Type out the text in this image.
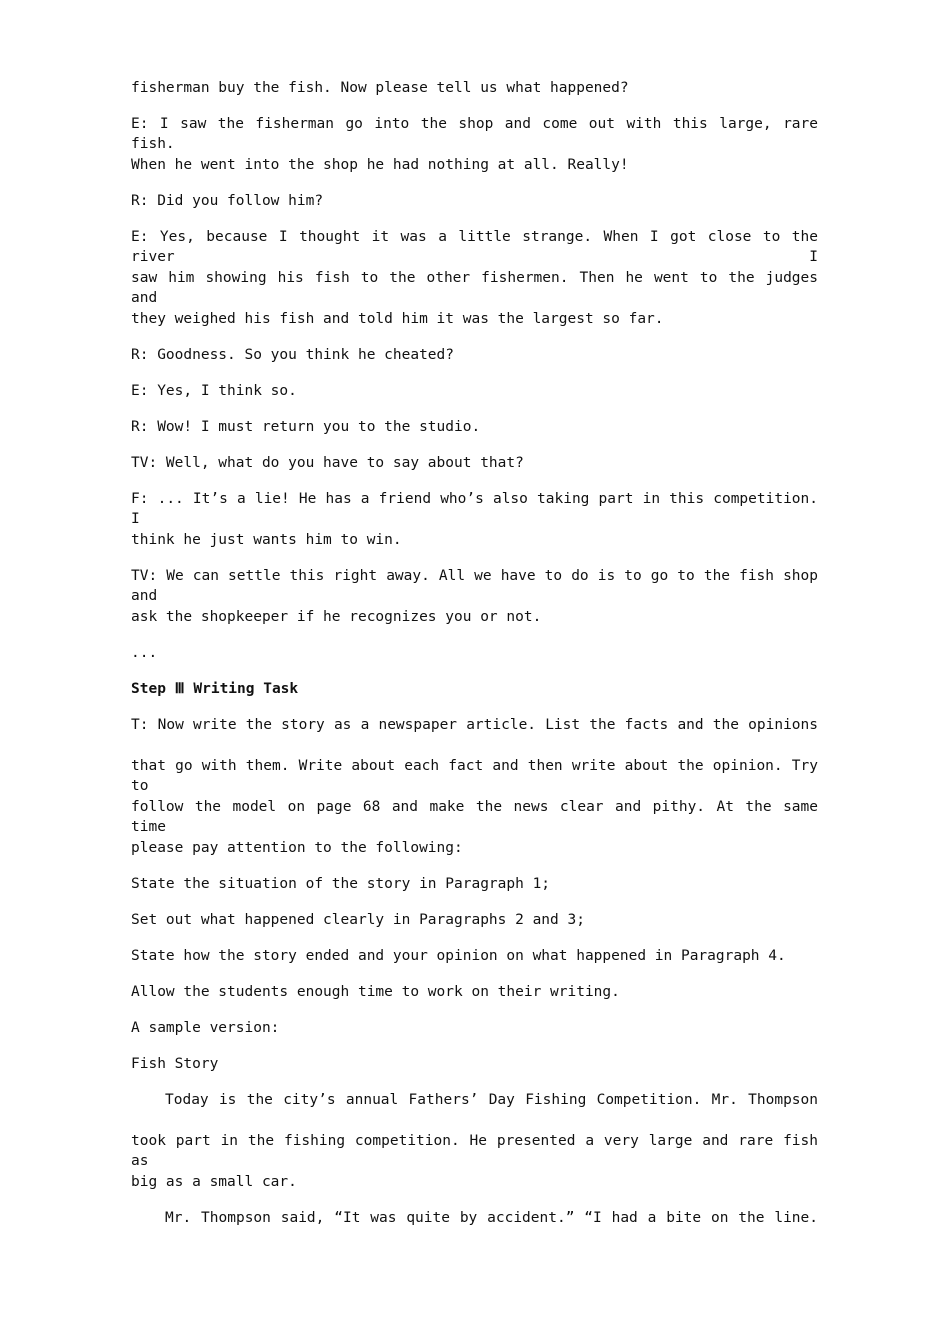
fisherman buy the fish. Now please tell us what happened?
E: I saw the fisherman go into the shop and come out with this large, rare fish.
When he went into the shop he had nothing at all. Really!
R: Did you follow him?
E: Yes, because I thought it was a little strange. When I got close to the river I
saw him showing his fish to the other fishermen. Then he went to the judges and
they weighed his fish and told him it was the largest so far.
R: Goodness. So you think he cheated?
E: Yes, I think so.
R: Wow! I must return you to the studio.
TV: Well, what do you have to say about that?
F: ... It’s a lie! He has a friend who’s also taking part in this competition. I
think he just wants him to win.
TV: We can settle this right away. All we have to do is to go to the fish shop and
ask the shopkeeper if he recognizes you or not.
...
Step Ⅲ Writing Task
T: Now write the story as a newspaper article. List the facts and the opinions
that go with them. Write about each fact and then write about the opinion. Try to
follow the model on page 68 and make the news clear and pithy. At the same time
please pay attention to the following:
State the situation of the story in Paragraph 1;
Set out what happened clearly in Paragraphs 2 and 3;
State how the story ended and your opinion on what happened in Paragraph 4.
Allow the students enough time to work on their writing.
A sample version:
Fish Story
Today is the city’s annual Fathers’ Day Fishing Competition. Mr. Thompson
took part in the fishing competition. He presented a very large and rare fish as
big as a small car.
Mr. Thompson said, “It was quite by accident.” “I had a bite on the line.
